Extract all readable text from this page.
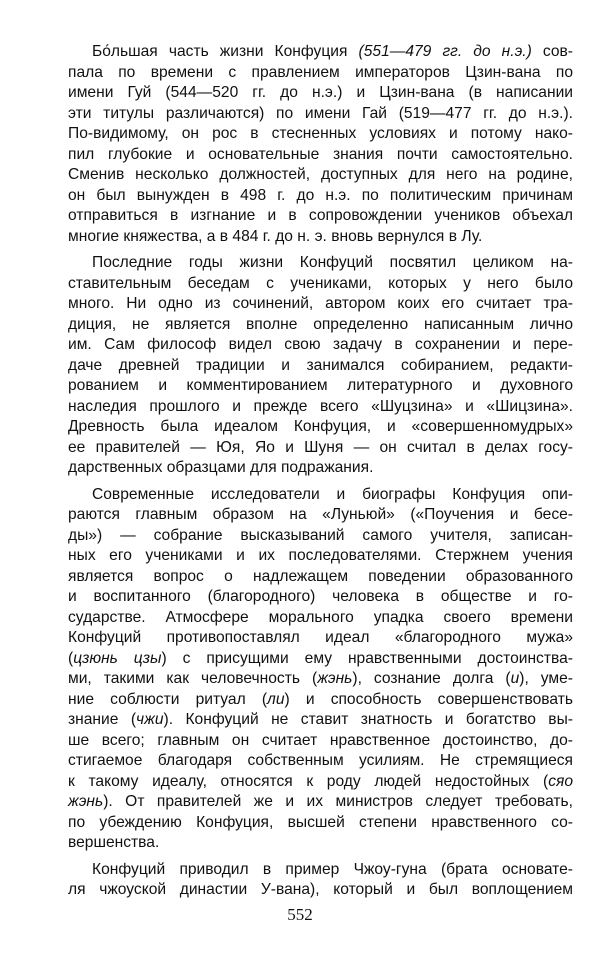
Бо́льшая часть жизни Конфуция (551—479 гг. до н.э.) сов-
пала по времени с правлением императоров Цзин-вана по
имени Гуй (544—520 гг. до н.э.) и Цзин-вана (в написании
эти титулы различаются) по имени Гай (519—477 гг. до н.э.).
По-видимому, он рос в стесненных условиях и потому нако-
пил глубокие и основательные знания почти самостоятельно.
Сменив несколько должностей, доступных для него на родине,
он был вынужден в 498 г. до н.э. по политическим причинам
отправиться в изгнание и в сопровождении учеников объехал
многие княжества, а в 484 г. до н. э. вновь вернулся в Лу.
Последние годы жизни Конфуций посвятил целиком на-
ставительным беседам с учениками, которых у него было
много. Ни одно из сочинений, автором коих его считает тра-
диция, не является вполне определенно написанным лично
им. Сам философ видел свою задачу в сохранении и пере-
даче древней традиции и занимался собиранием, редакти-
рованием и комментированием литературного и духовного
наследия прошлого и прежде всего «Шуцзина» и «Шицзина».
Древность была идеалом Конфуция, и «совершенномудрых»
ее правителей — Юя, Яо и Шуня — он считал в делах госу-
дарственных образцами для подражания.
Современные исследователи и биографы Конфуция опи-
раются главным образом на «Луньюй» («Поучения и бесе-
ды») — собрание высказываний самого учителя, записан-
ных его учениками и их последователями. Стержнем учения
является вопрос о надлежащем поведении образованного
и воспитанного (благородного) человека в обществе и го-
сударстве. Атмосфере морального упадка своего времени
Конфуций противопоставлял идеал «благородного мужа»
(цзюнь цзы) с присущими ему нравственными достоинства-
ми, такими как человечность (жэнь), сознание долга (и), уме-
ние соблюсти ритуал (ли) и способность совершенствовать
знание (чжи). Конфуций не ставит знатность и богатство вы-
ше всего; главным он считает нравственное достоинство, до-
стигаемое благодаря собственным усилиям. Не стремящиеся
к такому идеалу, относятся к роду людей недостойных (сяо
жэнь). От правителей же и их министров следует требовать,
по убеждению Конфуция, высшей степени нравственного со-
вершенства.
Конфуций приводил в пример Чжоу-гуна (брата основате-
ля чжоуской династии У-вана), который и был воплощением
552
